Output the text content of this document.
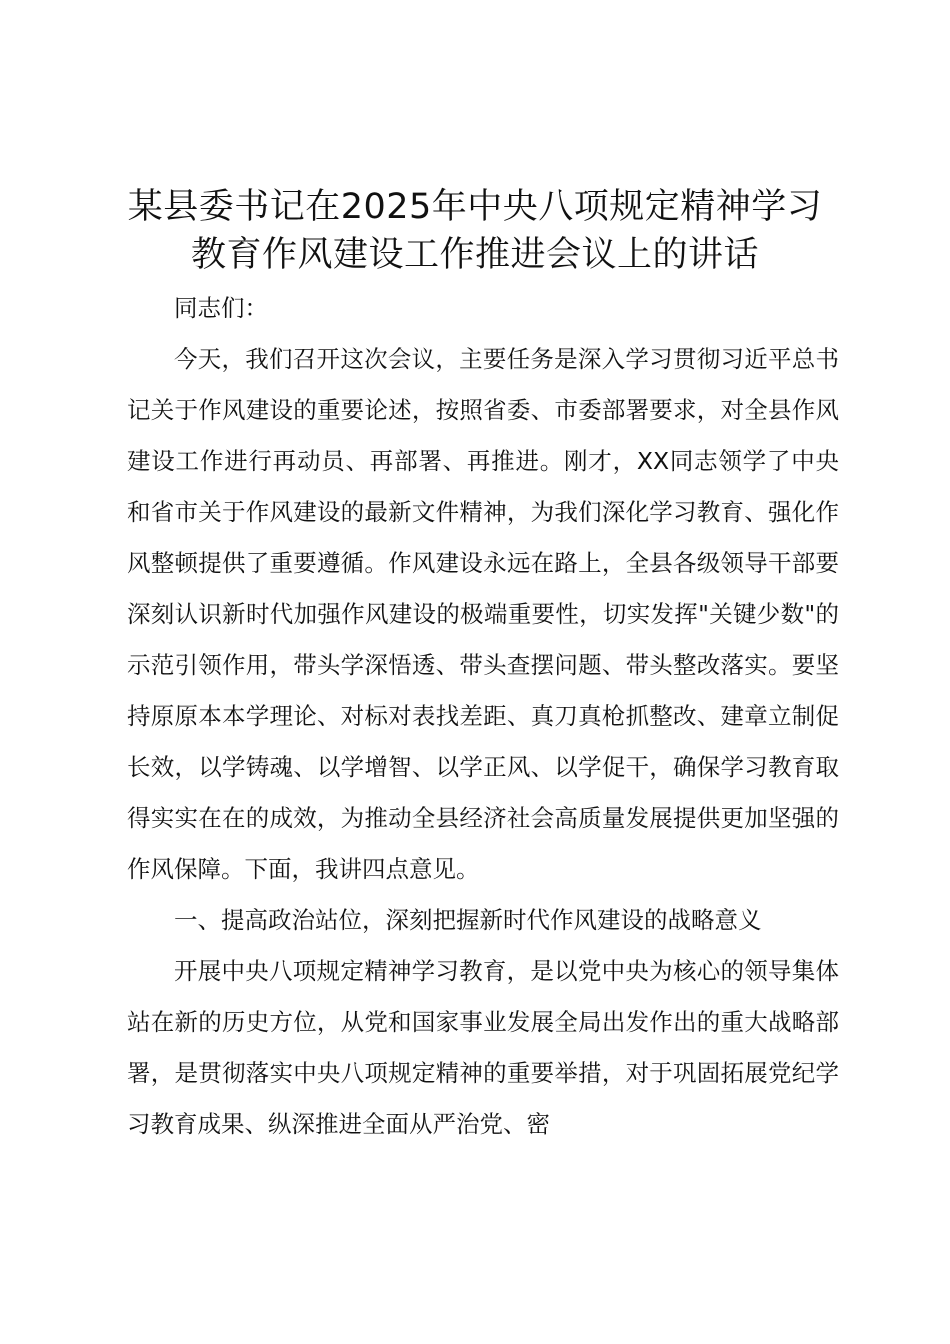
某县委书记在2025年中央八项规定精神学习
教育作风建设工作推进会议上的讲话

同志们：

今天，我们召开这次会议，主要任务是深入学习贯彻习近平总书记关于作风建设的重要论述，按照省委、市委部署要求，对全县作风建设工作进行再动员、再部署、再推进。刚才，XX同志领学了中央和省市关于作风建设的最新文件精神，为我们深化学习教育、强化作风整顿提供了重要遵循。作风建设永远在路上，全县各级领导干部要深刻认识新时代加强作风建设的极端重要性，切实发挥"关键少数"的示范引领作用，带头学深悟透、带头查摆问题、带头整改落实。要坚持原原本本学理论、对标对表找差距、真刀真枪抓整改、建章立制促长效，以学铸魂、以学增智、以学正风、以学促干，确保学习教育取得实实在在的成效，为推动全县经济社会高质量发展提供更加坚强的作风保障。下面，我讲四点意见。

一、提高政治站位，深刻把握新时代作风建设的战略意义

开展中央八项规定精神学习教育，是以党中央为核心的领导集体站在新的历史方位，从党和国家事业发展全局出发作出的重大战略部署，是贯彻落实中央八项规定精神的重要举措，对于巩固拓展党纪学习教育成果、纵深推进全面从严治党、密
